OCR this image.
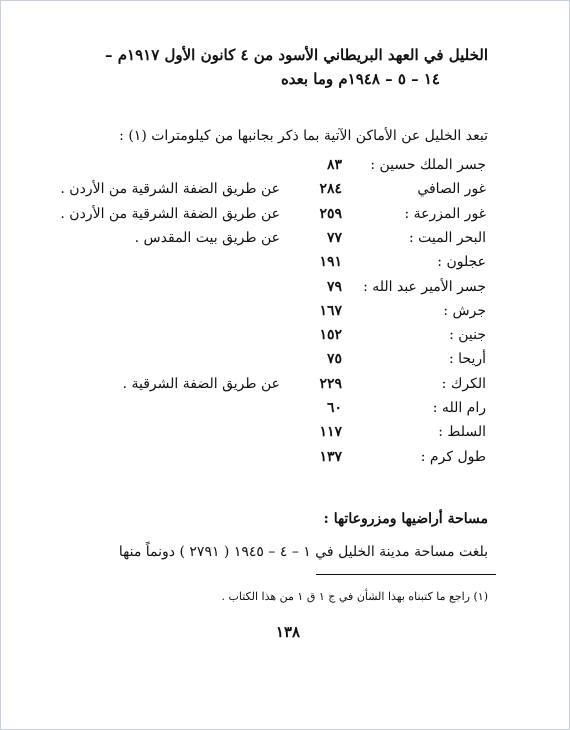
الخليل في العهد البريطاني الأسود من ٤ كانون الأول ١٩١٧م –
١٤ – ٥ – ١٩٤٨م وما بعده
تبعد الخليل عن الأماكن الآتية بما ذكر بجانبها من كيلومترات (١) :
جسر الملك حسين :
٨٣
غور الصافي
٢٨٤
عن طريق الضفة الشرقية من الأردن .
غور المزرعة :
٢٥٩
عن طريق الضفة الشرقية من الأردن .
البحر الميت :
٧٧
عن طريق بيت المقدس .
عجلون :
١٩١
جسر الأمير عبد الله :
٧٩
جرش :
١٦٧
جنين :
١٥٢
أريحا :
٧٥
الكرك :
٢٢٩
عن طريق الضفة الشرقية .
رام الله :
٦٠
السلط :
١١٧
طول كرم :
١٣٧
مساحة أراضيها ومزروعاتها :
بلغت مساحة مدينة الخليل في ١ – ٤ – ١٩٤٥ ( ٢٧٩١ ) دونماً منها
(١) راجع ما كتبناه بهذا الشأن في ج ١ ق ١ من هذا الكتاب .
١٣٨
